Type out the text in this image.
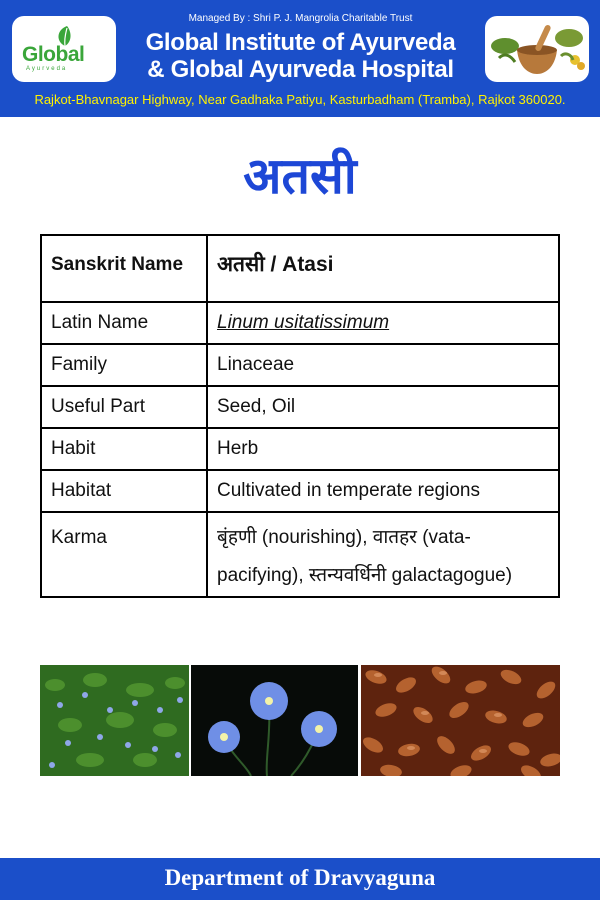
Global
Ayurveda
Managed By : Shri P. J. Mangrolia Charitable Trust
Global Institute of Ayurveda
& Global Ayurveda Hospital
Rajkot-Bhavnagar Highway, Near Gadhaka Patiyu, Kasturbadham (Tramba), Rajkot 360020.
अतसी
Sanskrit Name	अतसी / Atasi
Latin Name	Linum usitatissimum
Family	Linaceae
Useful Part	Seed, Oil
Habit	Herb
Habitat	Cultivated in temperate regions
Karma	बृंहणी (nourishing), वातहर (vata-pacifying), स्तन्यवर्धिनी galactagogue)
Department of Dravyaguna
